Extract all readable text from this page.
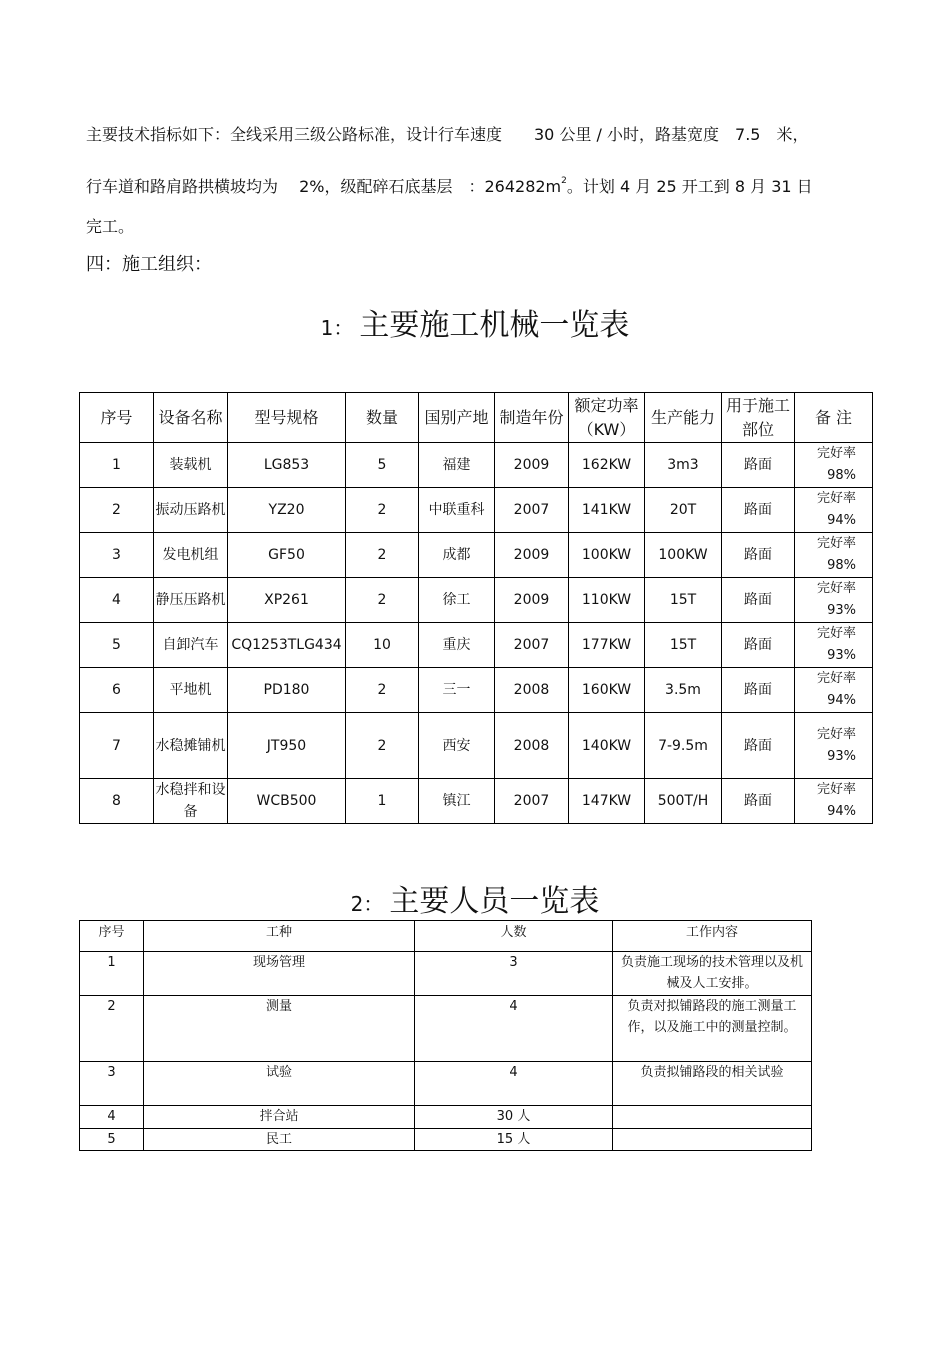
主要技术指标如下：全线采用三级公路标准，设计行车速度　　30 公里 / 小时，路基宽度　7.5　米，

行车道和路肩路拱横坡均为　 2%，级配碎石底基层　：$264282m^2$。计划 4 月 25 开工到 8 月 31 日

完工。

四：施工组织：

1： 主要施工机械一览表
序号	设备名称	型号规格	数量	国别产地	制造年份	额定功率（KW）	生产能力	用于施工部位	备 注
1	装载机	LG853	5	福建	2009	162KW	3m3	路面	完好率98%
2	振动压路机	YZ20	2	中联重科	2007	141KW	20T	路面	完好率94%
3	发电机组	GF50	2	成都	2009	100KW	100KW	路面	完好率98%
4	静压压路机	XP261	2	徐工	2009	110KW	15T	路面	完好率93%
5	自卸汽车	CQ1253TLG434	10	重庆	2007	177KW	15T	路面	完好率93%
6	平地机	PD180	2	三一	2008	160KW	3.5m	路面	完好率94%
7	水稳摊铺机	JT950	2	西安	2008	140KW	7-9.5m	路面	完好率93%
8	水稳拌和设备	WCB500	1	镇江	2007	147KW	500T/H	路面	完好率94%
2： 主要人员一览表
序号	工种	人数	工作内容
1	现场管理	3	负责施工现场的技术管理以及机械及人工安排。
2	测量	4	负责对拟铺路段的施工测量工作，以及施工中的测量控制。
3	试验	4	负责拟铺路段的相关试验
4	拌合站	30 人	
5	民工	15 人	
